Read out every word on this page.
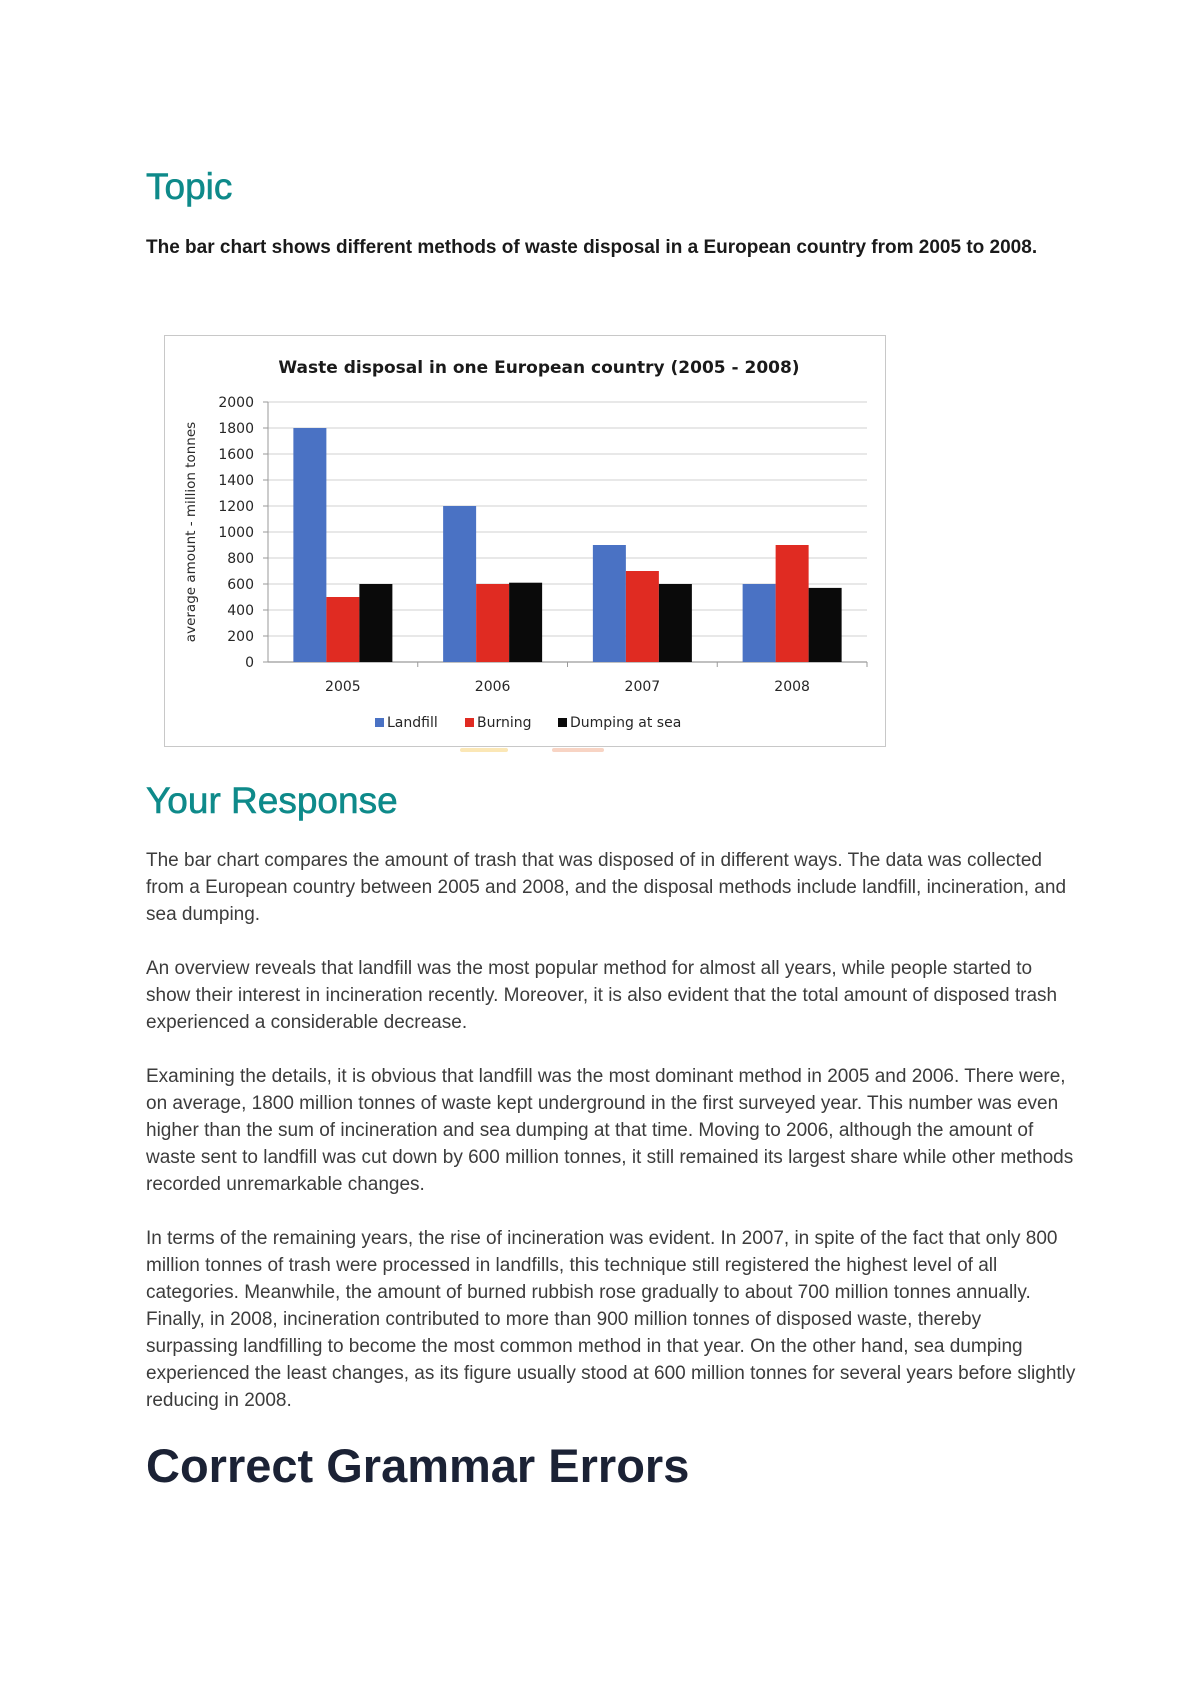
Topic

The bar chart shows different methods of waste disposal in a European country from 2005 to 2008.

Waste disposal in one European country (2005 - 2008)
0
200
400
600
800
1000
1200
1400
1600
1800
2000
average amount - million tonnes
2005	2006	2007	2008
Landfill	Burning	Dumping at sea
Your Response

The bar chart compares the amount of trash that was disposed of in different ways. The data was collected from a European country between 2005 and 2008, and the disposal methods include landfill, incineration, and sea dumping.

An overview reveals that landfill was the most popular method for almost all years, while people started to show their interest in incineration recently. Moreover, it is also evident that the total amount of disposed trash experienced a considerable decrease.

Examining the details, it is obvious that landfill was the most dominant method in 2005 and 2006. There were, on average, 1800 million tonnes of waste kept underground in the first surveyed year. This number was even higher than the sum of incineration and sea dumping at that time. Moving to 2006, although the amount of waste sent to landfill was cut down by 600 million tonnes, it still remained its largest share while other methods recorded unremarkable changes.

In terms of the remaining years, the rise of incineration was evident. In 2007, in spite of the fact that only 800 million tonnes of trash were processed in landfills, this technique still registered the highest level of all categories. Meanwhile, the amount of burned rubbish rose gradually to about 700 million tonnes annually. Finally, in 2008, incineration contributed to more than 900 million tonnes of disposed waste, thereby surpassing landfilling to become the most common method in that year. On the other hand, sea dumping experienced the least changes, as its figure usually stood at 600 million tonnes for several years before slightly reducing in 2008.

Correct Grammar Errors
